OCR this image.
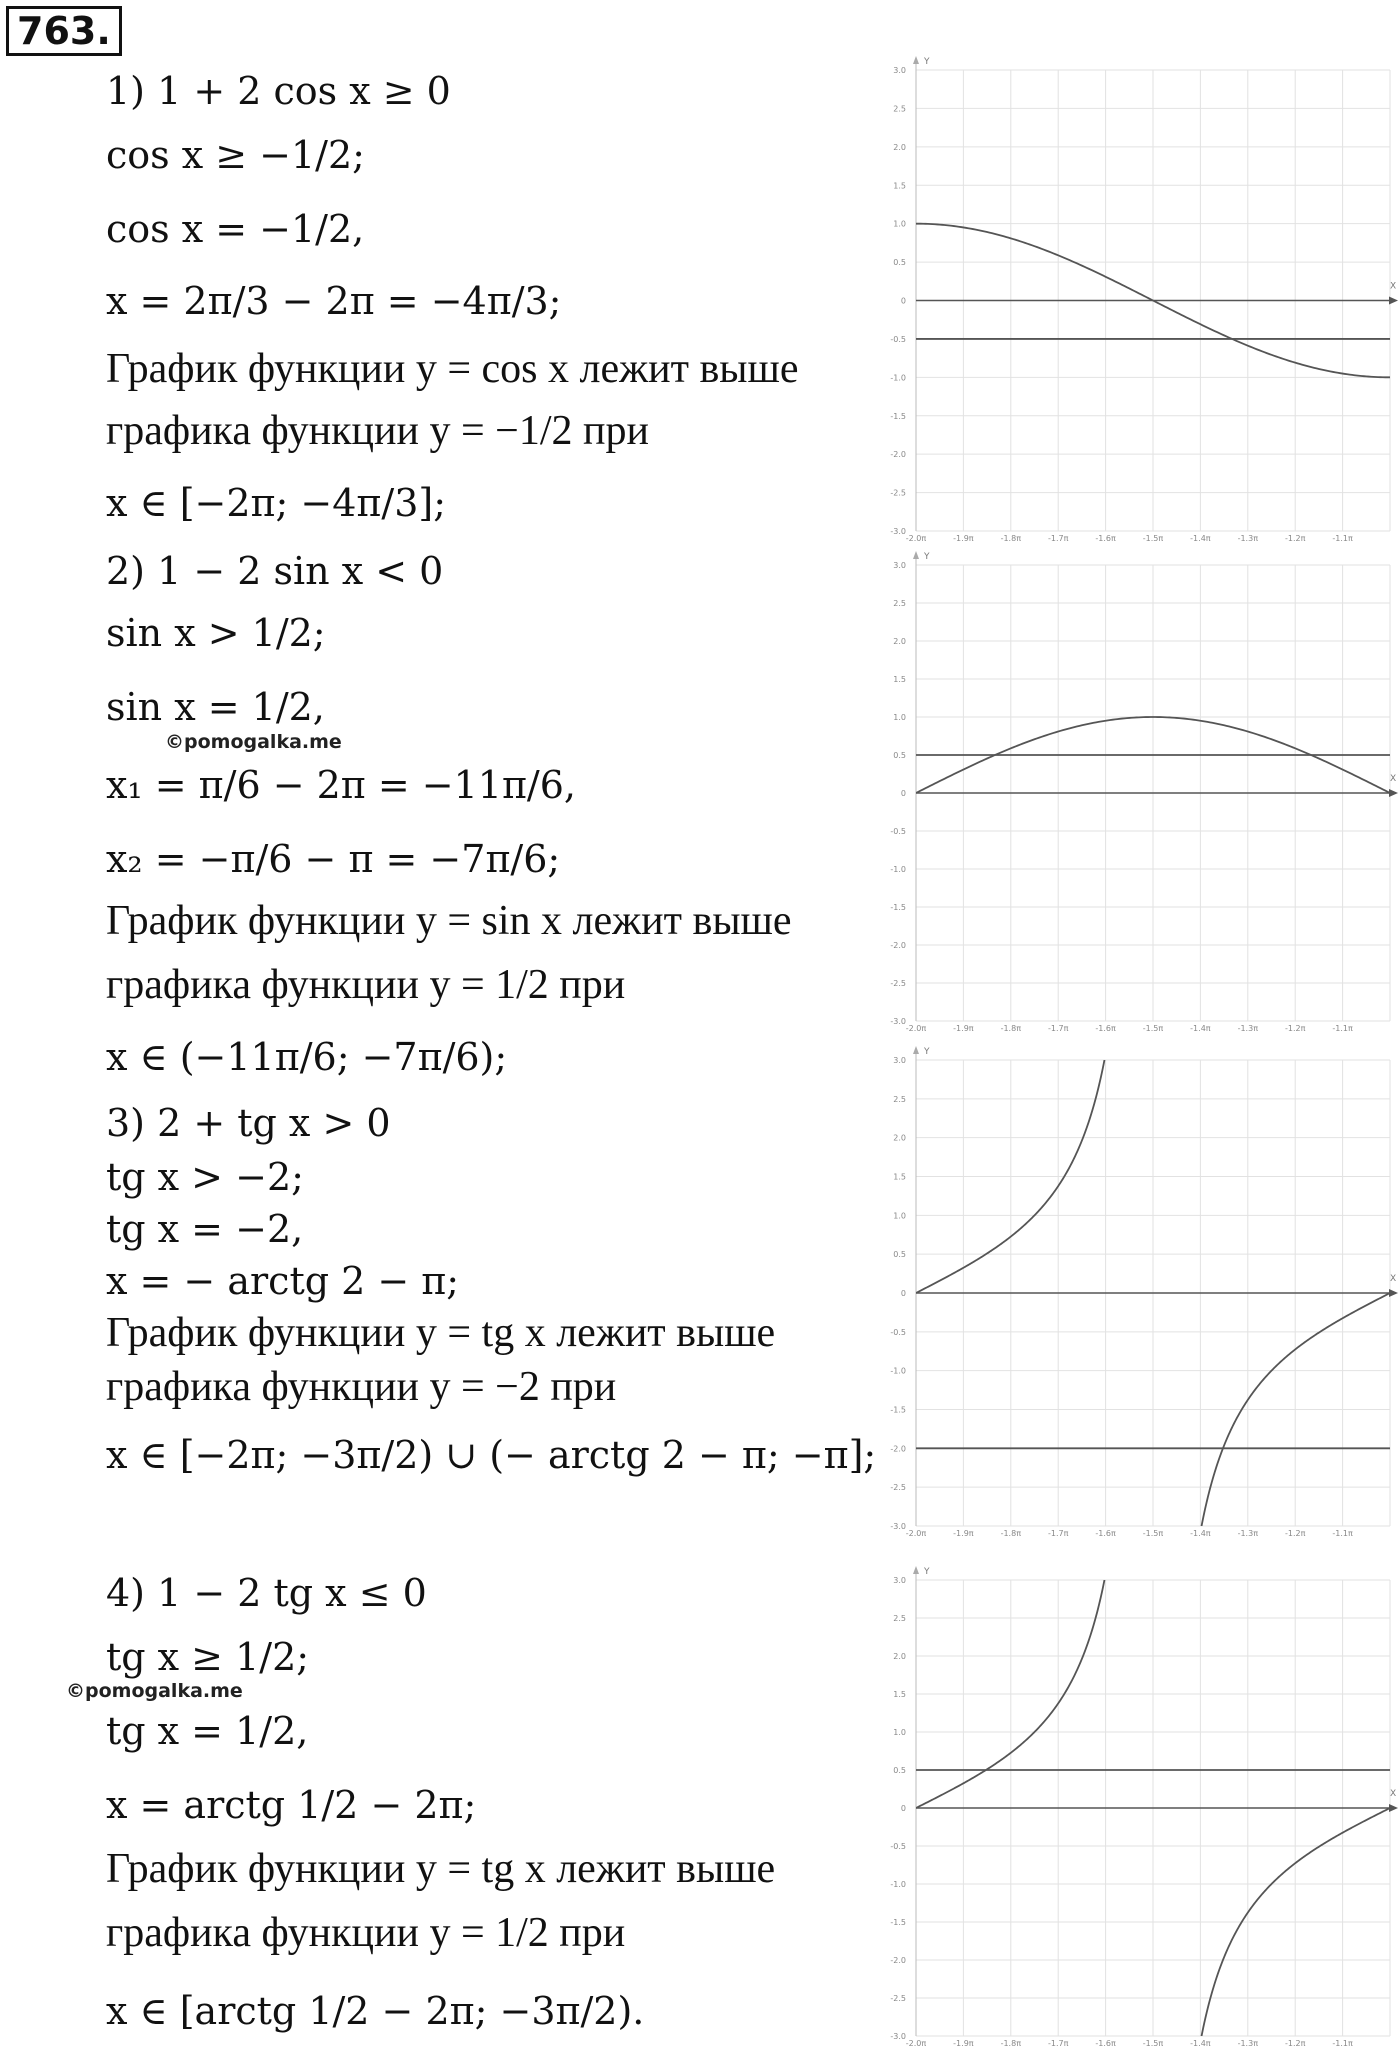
763.
1) 1 + 2 cos x ≥ 0
cos x ≥ −1/2;
cos x = −1/2,
x = 2π/3 − 2π = −4π/3;
График функции y = cos x лежит выше
графика функции y = −1/2 при
x ∈ [−2π; −4π/3];
2) 1 − 2 sin x < 0
sin x > 1/2;
sin x = 1/2,
x₁ = π/6 − 2π = −11π/6,
x₂ = −π/6 − π = −7π/6;
График функции y = sin x лежит выше
графика функции y = 1/2 при
x ∈ (−11π/6; −7π/6);
3) 2 + tg x > 0
tg x > −2;
tg x = −2,
x = − arctg 2 − π;
График функции y = tg x лежит выше
графика функции y = −2 при
x ∈ [−2π; −3π/2) ∪ (− arctg 2 − π; −π];
4) 1 − 2 tg x ≤ 0
tg x ≥ 1/2;
tg x = 1/2,
x = arctg 1/2 − 2π;
График функции y = tg x лежит выше
графика функции y = 1/2 при
x ∈ [arctg 1/2 − 2π; −3π/2).
©pomogalka.me
©pomogalka.me
X
Y
3.0
2.5
2.0
1.5
1.0
0.5
0
-0.5
-1.0
-1.5
-2.0
-2.5
-3.0
-2.0π	-1.9π	-1.8π	-1.7π	-1.6π	-1.5π	-1.4π	-1.3π	-1.2π	-1.1π
X
Y
3.0
2.5
2.0
1.5
1.0
0.5
0
-0.5
-1.0
-1.5
-2.0
-2.5
-3.0
-2.0π	-1.9π	-1.8π	-1.7π	-1.6π	-1.5π	-1.4π	-1.3π	-1.2π	-1.1π
X
Y
3.0
2.5
2.0
1.5
1.0
0.5
0
-0.5
-1.0
-1.5
-2.0
-2.5
-3.0
-2.0π	-1.9π	-1.8π	-1.7π	-1.6π	-1.5π	-1.4π	-1.3π	-1.2π	-1.1π
X
Y
3.0
2.5
2.0
1.5
1.0
0.5
0
-0.5
-1.0
-1.5
-2.0
-2.5
-3.0
-2.0π	-1.9π	-1.8π	-1.7π	-1.6π	-1.5π	-1.4π	-1.3π	-1.2π	-1.1π
